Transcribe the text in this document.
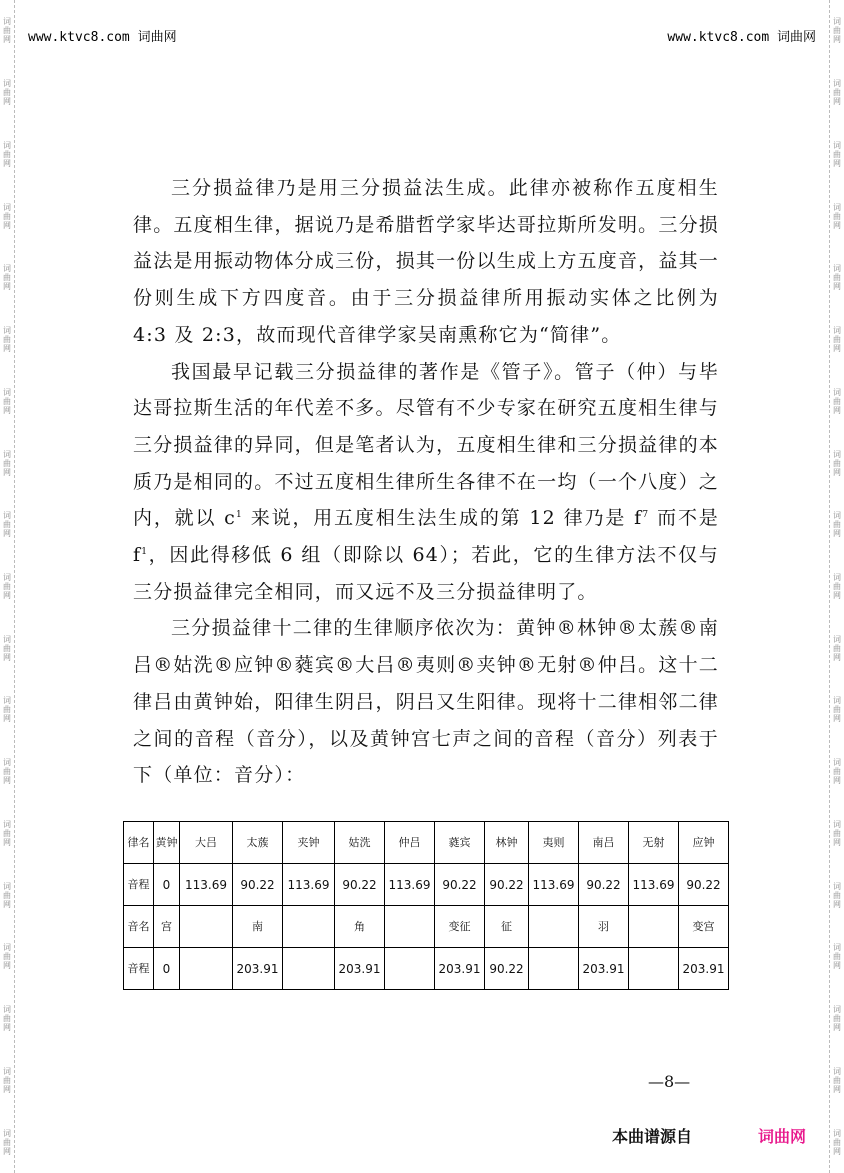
词曲网
词曲网
词曲网
词曲网
词曲网
词曲网
词曲网
词曲网
词曲网
词曲网
词曲网
词曲网
词曲网
词曲网
词曲网
词曲网
词曲网
词曲网
词曲网
词曲网
词曲网
词曲网
词曲网
词曲网
词曲网
词曲网
词曲网
词曲网
词曲网
词曲网
词曲网
词曲网
词曲网
词曲网
词曲网
词曲网
词曲网
词曲网
www.ktvc8.com 词曲网	www.ktvc8.com 词曲网

三分损益律乃是用三分损益法生成。此律亦被称作五度相生律。五度相生律，据说乃是希腊哲学家毕达哥拉斯所发明。三分损益法是用振动物体分成三份，损其一份以生成上方五度音，益其一份则生成下方四度音。由于三分损益律所用振动实体之比例为 4:3 及 2:3，故而现代音律学家吴南熏称它为“简律”。

我国最早记载三分损益律的著作是《管子》。管子（仲）与毕达哥拉斯生活的年代差不多。尽管有不少专家在研究五度相生律与三分损益律的异同，但是笔者认为，五度相生律和三分损益律的本质乃是相同的。不过五度相生律所生各律不在一均（一个八度）之内，就以 $c^1$ 来说，用五度相生法生成的第 12 律乃是 $f^7$ 而不是 $f^1$，因此得移低 6 组（即除以 64）；若此，它的生律方法不仅与三分损益律完全相同，而又远不及三分损益律明了。

三分损益律十二律的生律顺序依次为：黄钟®林钟®太蔟®南吕®姑洗®应钟®蕤宾®大吕®夷则®夹钟®无射®仲吕。这十二律吕由黄钟始，阳律生阴吕，阴吕又生阳律。现将十二律相邻二律之间的音程（音分），以及黄钟宫七声之间的音程（音分）列表于下（单位：音分）：

律名	黄钟	大吕	太蔟	夹钟	姑洗	仲吕	蕤宾	林钟	夷则	南吕	无射	应钟
音程	0	113.69	90.22	113.69	90.22	113.69	90.22	90.22	113.69	90.22	113.69	90.22
音名	宫		南		角		变征	征		羽		变宫
音程	0		203.91		203.91		203.91	90.22		203.91		203.91
—8—
本曲谱源自	词曲网
